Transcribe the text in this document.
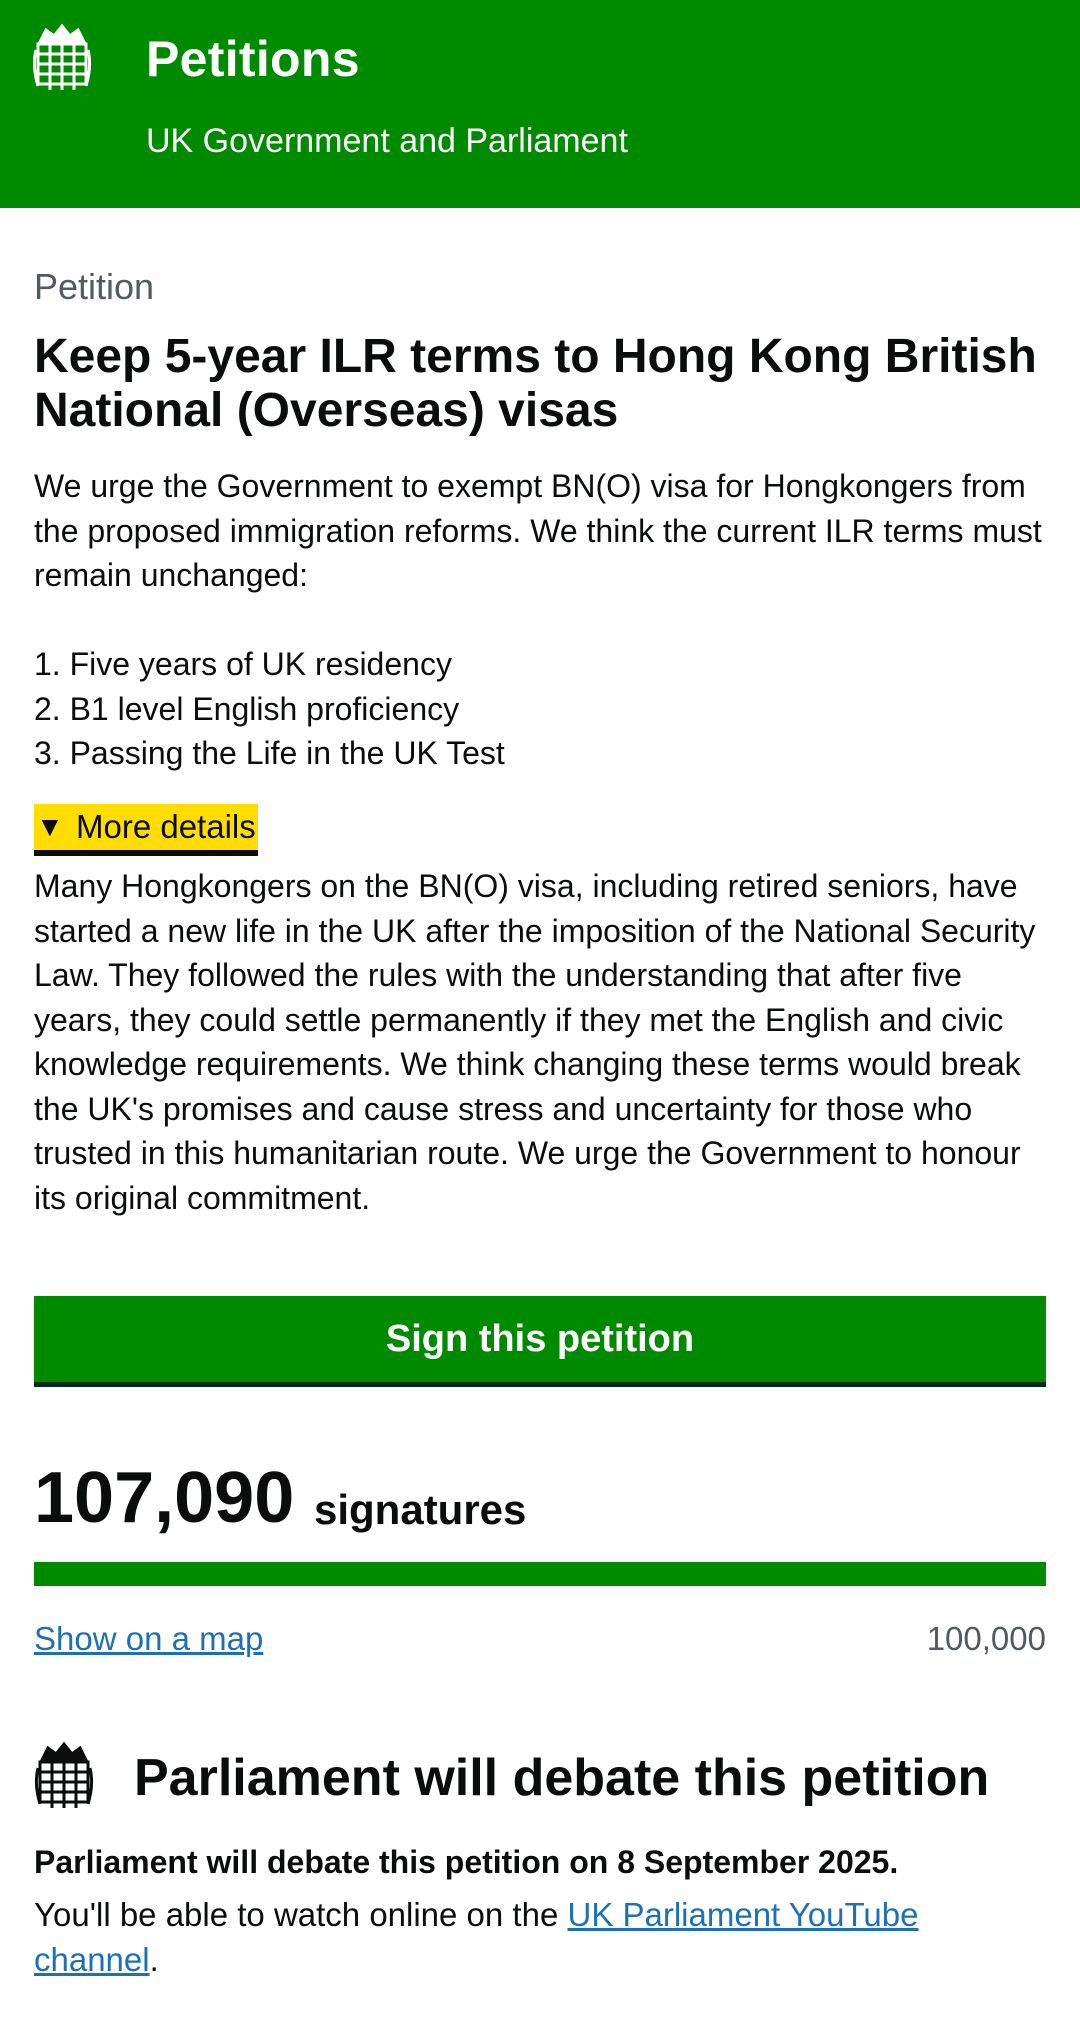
Petitions
UK Government and Parliament
Petition
Keep 5-year ILR terms to Hong Kong British National (Overseas) visas

We urge the Government to exempt BN(O) visa for Hongkongers from the proposed immigration reforms. We think the current ILR terms must remain unchanged:

1. Five years of UK residency
2. B1 level English proficiency
3. Passing the Life in the UK Test
▼ More details

Many Hongkongers on the BN(O) visa, including retired seniors, have started a new life in the UK after the imposition of the National Security Law. They followed the rules with the understanding that after five years, they could settle permanently if they met the English and civic knowledge requirements. We think changing these terms would break the UK's promises and cause stress and uncertainty for those who trusted in this humanitarian route. We urge the Government to honour its original commitment.

Sign this petition
107,090 signatures
Show on a map	100,000
Parliament will debate this petition
Parliament will debate this petition on 8 September 2025.
You'll be able to watch online on the UK Parliament YouTube channel.
